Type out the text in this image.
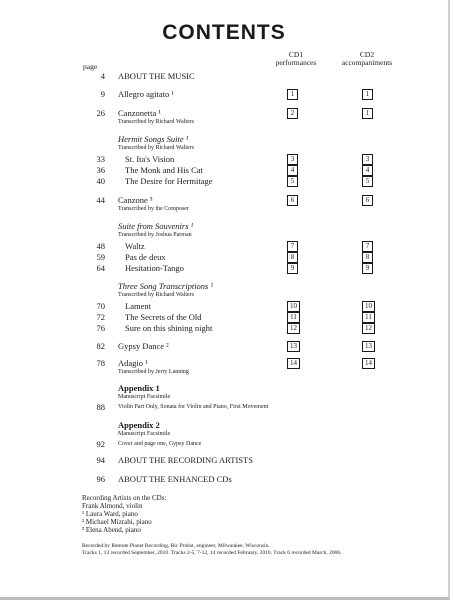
CONTENTS
page
CD1
performances
CD2
accompaniments
4 ABOUT THE MUSIC
9 Allegro agitato ¹	1	1
26 Canzonetta ¹	2	1
Transcribed by Richard Walters
Hermit Songs Suite ¹
Transcribed by Richard Walters
33 St. Ita's Vision	3	3
36 The Monk and His Cat	4	4
40 The Desire for Hermitage	5	5
44 Canzone ³	6	6
Transcribed by the Composer
Suite from Souvenirs ¹
Transcribed by Joshua Parman
48 Waltz	7	7
59 Pas de deux	8	8
64 Hesitation-Tango	9	9
Three Song Transcriptions ¹
Transcribed by Richard Walters
70 Lament	10	10
72 The Secrets of the Old	11	11
76 Sure on this shining night	12	12
82 Gypsy Dance ²	13	13
78 Adagio ¹	14	14
Transcribed by Jerry Lanning
Appendix 1
Manuscript Facsimile
88 Violin Part Only, Sonata for Violin and Piano, First Movement
Appendix 2
Manuscript Facsimile
92 Cover and page one, Gypsy Dance
94 ABOUT THE RECORDING ARTISTS
96 ABOUT THE ENHANCED CDs
Recording Artists on the CDs:
Frank Almond, violin
¹ Laura Ward, piano
² Michael Mizrahi, piano
³ Elena Abend, piano
Recorded by Remote Planet Recording, Ric Probst, engineer, Milwaukee, Wisconsin.
Tracks 1, 13 recorded September, 2010. Tracks 2-5, 7-12, 14 recorded February, 2010. Track 6 recorded March, 2006.
